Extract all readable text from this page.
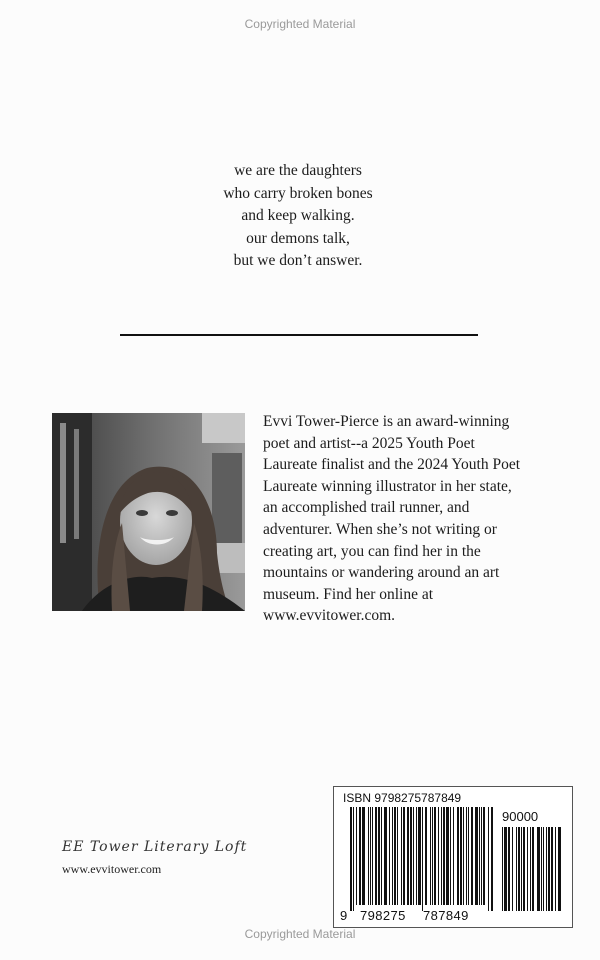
Copyrighted Material
we are the daughters
who carry broken bones
and keep walking.
our demons talk,
but we don’t answer.
Evvi Tower-Pierce is an award-winning
poet and artist--a 2025 Youth Poet
Laureate finalist and the 2024 Youth Poet
Laureate winning illustrator in her state,
an accomplished trail runner, and
adventurer. When she’s not writing or
creating art, you can find her in the
mountains or wandering around an art
museum. Find her online at
www.evvitower.com.
EE Tower Literary Loft
www.evvitower.com
ISBN 9798275787849
90000
9 798275 787849
Copyrighted Material
